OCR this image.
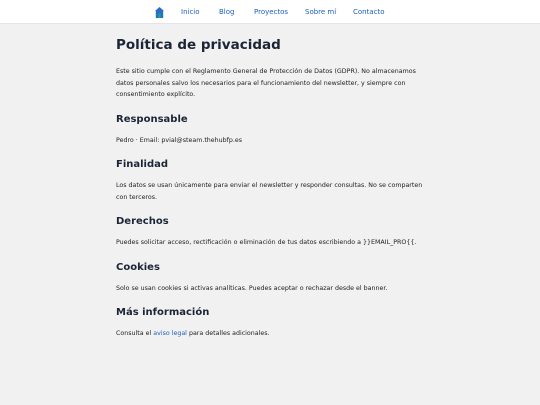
Inicio	Blog	Proyectos Sobre mí Contacto
Política de privacidad

Este sitio cumple con el Reglamento General de Protección de Datos (GDPR). No almacenamos datos personales salvo los necesarios para el funcionamiento del newsletter, y siempre con consentimiento explícito.

Responsable

Pedro · Email: pvial@steam.thehubfp.es

Finalidad

Los datos se usan únicamente para enviar el newsletter y responder consultas. No se comparten con terceros.

Derechos

Puedes solicitar acceso, rectificación o eliminación de tus datos escribiendo a }}EMAIL_PRO{{.

Cookies

Solo se usan cookies si activas analíticas. Puedes aceptar o rechazar desde el banner.

Más información

Consulta el aviso legal para detalles adicionales.
